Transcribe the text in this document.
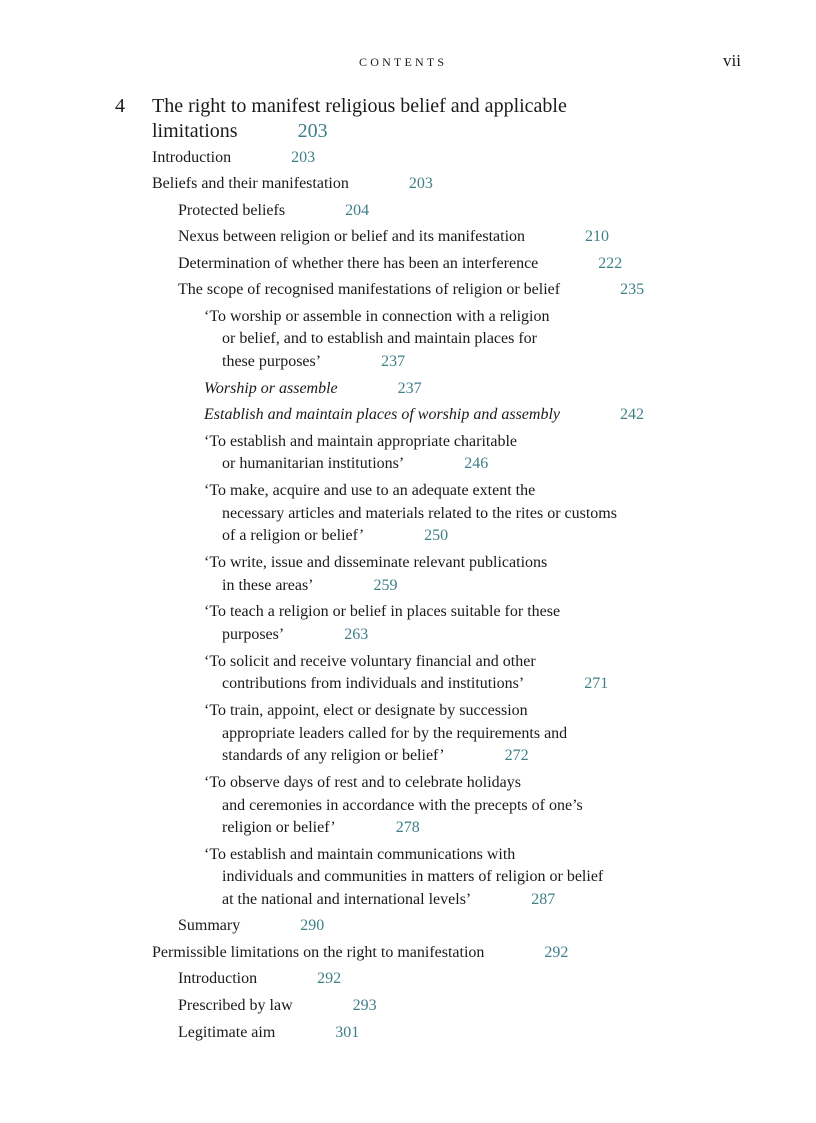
CONTENTS	vii
4 The right to manifest religious belief and applicable
limitations	203
Introduction	203
Beliefs and their manifestation	203
Protected beliefs	204
Nexus between religion or belief and its manifestation	210
Determination of whether there has been an interference	222
The scope of recognised manifestations of religion or belief	235
‘To worship or assemble in connection with a religion
or belief, and to establish and maintain places for
these purposes’	237
Worship or assemble	237
Establish and maintain places of worship and assembly	242
‘To establish and maintain appropriate charitable
or humanitarian institutions’	246
‘To make, acquire and use to an adequate extent the
necessary articles and materials related to the rites or customs
of a religion or belief’	250
‘To write, issue and disseminate relevant publications
in these areas’	259
‘To teach a religion or belief in places suitable for these
purposes’	263
‘To solicit and receive voluntary financial and other
contributions from individuals and institutions’	271
‘To train, appoint, elect or designate by succession
appropriate leaders called for by the requirements and
standards of any religion or belief’	272
‘To observe days of rest and to celebrate holidays
and ceremonies in accordance with the precepts of one’s
religion or belief’	278
‘To establish and maintain communications with
individuals and communities in matters of religion or belief
at the national and international levels’	287
Summary	290
Permissible limitations on the right to manifestation	292
Introduction	292
Prescribed by law	293
Legitimate aim	301
